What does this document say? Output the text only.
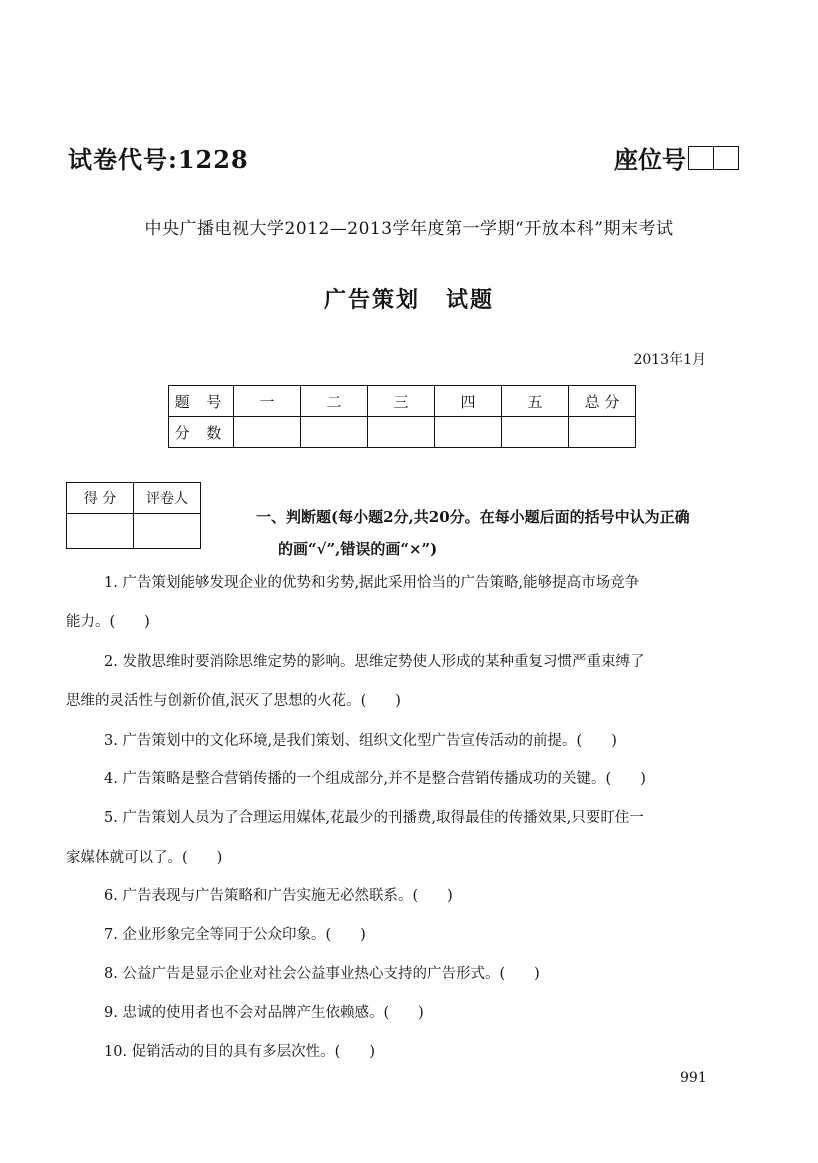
试卷代号:1228	座位号
中央广播电视大学2012—2013学年度第一学期“开放本科”期末考试
广告策划 试题
2013年1月
题 号	一	二	三	四	五	总 分
分 数						
得 分	评卷人

一、判断题(每小题2分,共20分。在每小题后面的括号中认为正确
的画“√”,错误的画“×”)
1. 广告策划能够发现企业的优势和劣势,据此采用恰当的广告策略,能够提高市场竞争
能力。(　　)
2. 发散思维时要消除思维定势的影响。思维定势使人形成的某种重复习惯严重束缚了
思维的灵活性与创新价值,泯灭了思想的火花。(　　)
3. 广告策划中的文化环境,是我们策划、组织文化型广告宣传活动的前提。(　　)
4. 广告策略是整合营销传播的一个组成部分,并不是整合营销传播成功的关键。(　　)
5. 广告策划人员为了合理运用媒体,花最少的刊播费,取得最佳的传播效果,只要盯住一
家媒体就可以了。(　　)
6. 广告表现与广告策略和广告实施无必然联系。(　　)
7. 企业形象完全等同于公众印象。(　　)
8. 公益广告是显示企业对社会公益事业热心支持的广告形式。(　　)
9. 忠诚的使用者也不会对品牌产生依赖感。(　　)
10. 促销活动的目的具有多层次性。(　　)
991
